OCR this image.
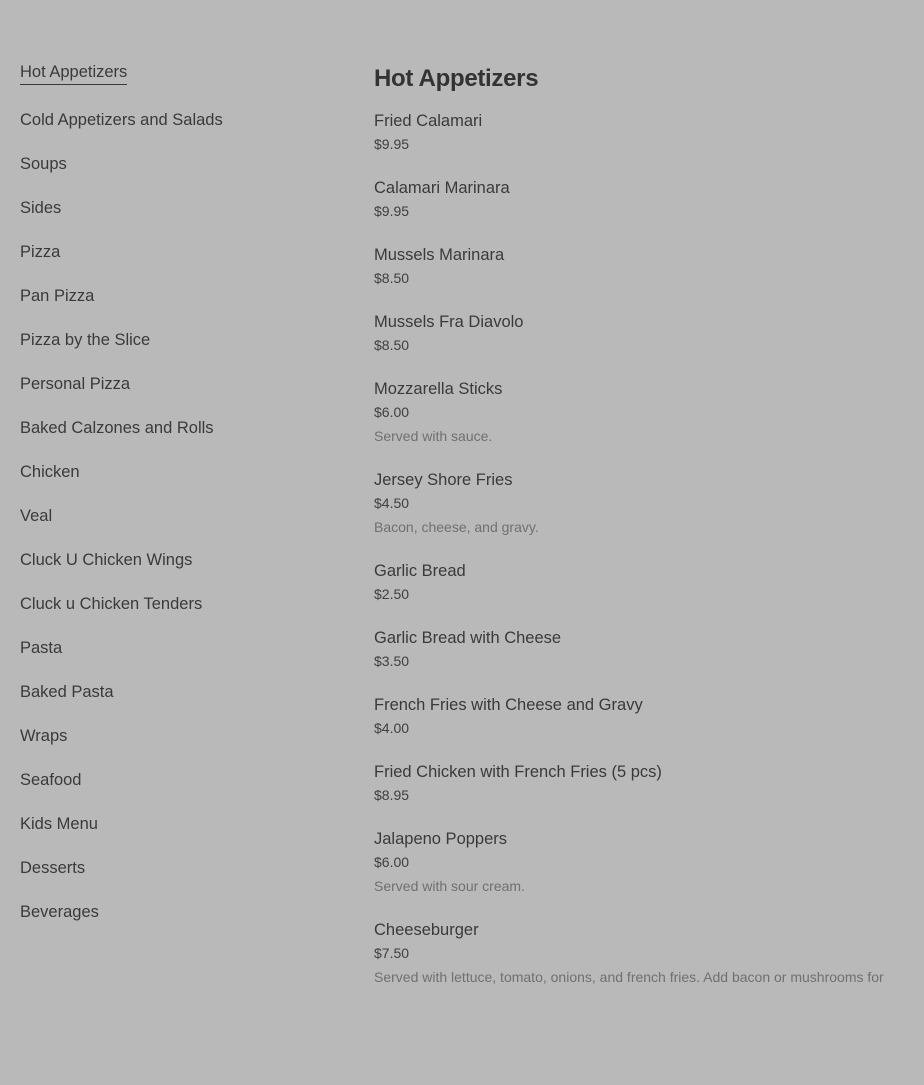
Hot Appetizers

Cold Appetizers and Salads
Soups
Sides
Pizza
Pan Pizza
Pizza by the Slice
Personal Pizza
Baked Calzones and Rolls
Chicken
Veal
Cluck U Chicken Wings
Cluck u Chicken Tenders
Pasta
Baked Pasta
Wraps
Seafood
Kids Menu
Desserts
Beverages
Hot Appetizers
Fried Calamari
$9.95
Calamari Marinara
$9.95
Mussels Marinara
$8.50
Mussels Fra Diavolo
$8.50
Mozzarella Sticks
$6.00
Served with sauce.
Jersey Shore Fries
$4.50
Bacon, cheese, and gravy.
Garlic Bread
$2.50
Garlic Bread with Cheese
$3.50
French Fries with Cheese and Gravy
$4.00
Fried Chicken with French Fries (5 pcs)
$8.95
Jalapeno Poppers
$6.00
Served with sour cream.
Cheeseburger
$7.50
Served with lettuce, tomato, onions, and french fries. Add bacon or mushrooms for
